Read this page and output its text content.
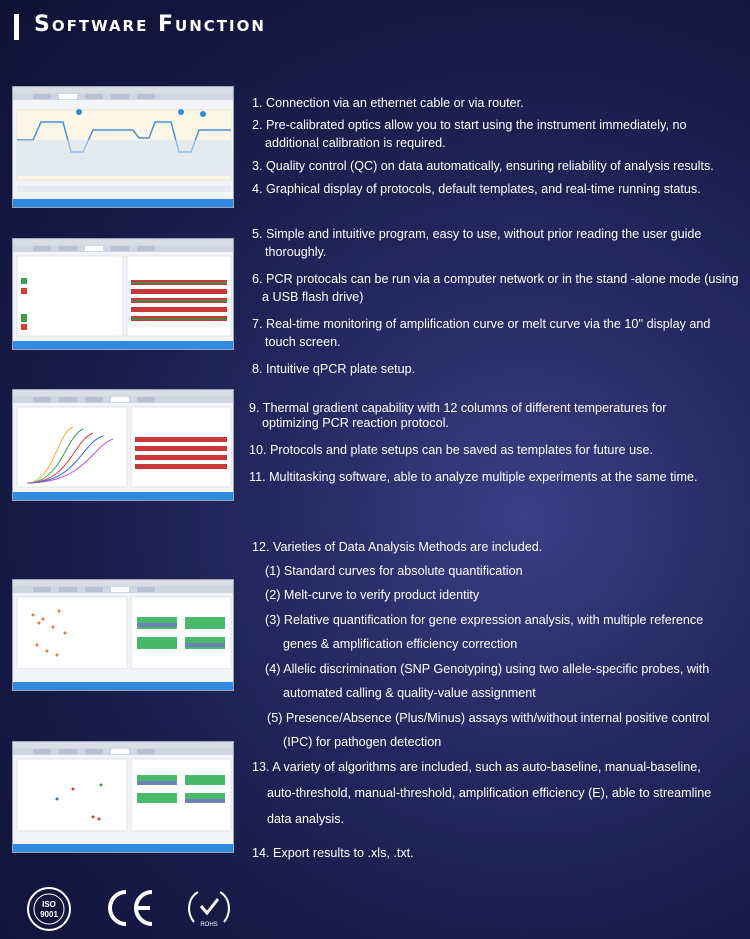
Software Function
1. Connection via an ethernet cable or via router.
2. Pre-calibrated optics allow you to start using the instrument immediately, no
additional calibration is required.
3. Quality control (QC) on data automatically, ensuring reliability of analysis results.
4. Graphical display of protocols, default templates, and real-time running status.
5. Simple and intuitive program, easy to use, without prior reading the user guide
thoroughly.
6. PCR protocals can be run via a computer network or in the stand -alone mode (using
a USB flash drive)
7. Real-time monitoring of amplification curve or melt curve via the 10'' display and
touch screen.
8. Intuitive qPCR plate setup.
9. Thermal gradient capability with 12 columns of different temperatures for
optimizing PCR reaction protocol.
10. Protocols and plate setups can be saved as templates for future use.
11. Multitasking software, able to analyze multiple experiments at the same time.
12. Varieties of Data Analysis Methods are included.
(1) Standard curves for absolute quantification
(2) Melt-curve to verify product identity
(3) Relative quantification for gene expression analysis, with multiple reference
genes & amplification efficiency correction
(4) Allelic discrimination (SNP Genotyping) using two allele-specific probes, with
automated calling & quality-value assignment
(5) Presence/Absence (Plus/Minus) assays with/without internal positive control
(IPC) for pathogen detection
13. A variety of algorithms are included, such as auto-baseline, manual-baseline,
auto-threshold, manual-threshold, amplification efficiency (E), able to streamline
data analysis.
14. Export results to .xls, .txt.
ISO
9001
ROHS
